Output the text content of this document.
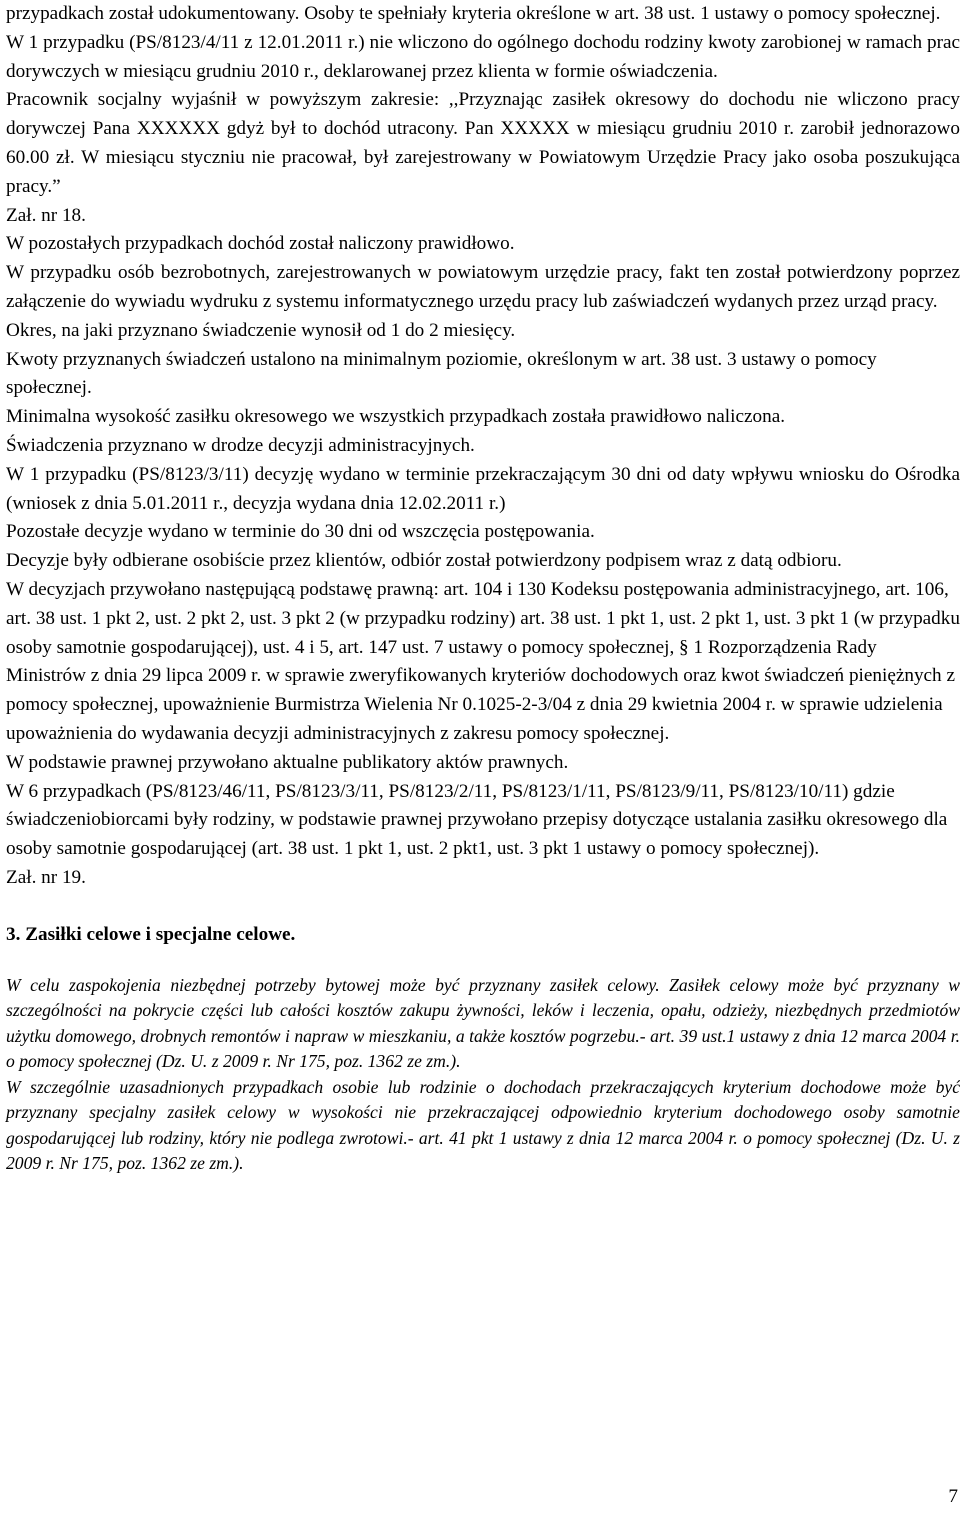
przypadkach został udokumentowany. Osoby te spełniały kryteria określone w art. 38 ust. 1 ustawy o pomocy społecznej.

W 1 przypadku (PS/8123/4/11 z 12.01.2011 r.) nie wliczono do ogólnego dochodu rodziny kwoty zarobionej w ramach prac dorywczych w miesiącu grudniu 2010 r., deklarowanej przez klienta w formie oświadczenia.

Pracownik socjalny wyjaśnił w powyższym zakresie: ,,Przyznając zasiłek okresowy do dochodu nie wliczono pracy dorywczej Pana XXXXXX gdyż był to dochód utracony. Pan XXXXX w miesiącu grudniu 2010 r. zarobił jednorazowo 60.00 zł. W miesiącu styczniu nie pracował, był zarejestrowany w Powiatowym Urzędzie Pracy jako osoba poszukująca pracy.”

Zał. nr 18.

W pozostałych przypadkach dochód został naliczony prawidłowo.

W przypadku osób bezrobotnych, zarejestrowanych w powiatowym urzędzie pracy, fakt ten został potwierdzony poprzez załączenie do wywiadu wydruku z systemu informatycznego urzędu pracy lub zaświadczeń wydanych przez urząd pracy.

Okres, na jaki przyznano świadczenie wynosił od 1 do 2 miesięcy.

Kwoty przyznanych świadczeń ustalono na minimalnym poziomie, określonym w art. 38 ust. 3 ustawy o pomocy społecznej.

Minimalna wysokość zasiłku okresowego we wszystkich przypadkach została prawidłowo naliczona.

Świadczenia przyznano w drodze decyzji administracyjnych.

W 1 przypadku (PS/8123/3/11) decyzję wydano w terminie przekraczającym 30 dni od daty wpływu wniosku do Ośrodka (wniosek z dnia 5.01.2011 r., decyzja wydana dnia 12.02.2011 r.)

Pozostałe decyzje wydano w terminie do 30 dni od wszczęcia postępowania.

Decyzje były odbierane osobiście przez klientów, odbiór został potwierdzony podpisem wraz z datą odbioru.

W decyzjach przywołano następującą podstawę prawną: art. 104 i 130 Kodeksu postępowania administracyjnego, art. 106, art. 38 ust. 1 pkt 2, ust. 2 pkt 2, ust. 3 pkt 2 (w przypadku rodziny) art. 38 ust. 1 pkt 1, ust. 2 pkt 1, ust. 3 pkt 1 (w przypadku osoby samotnie gospodarującej), ust. 4 i 5, art. 147 ust. 7 ustawy o pomocy społecznej, § 1 Rozporządzenia Rady Ministrów z dnia 29 lipca 2009 r. w sprawie zweryfikowanych kryteriów dochodowych oraz kwot świadczeń pieniężnych z pomocy społecznej, upoważnienie Burmistrza Wielenia Nr 0.1025-2-3/04 z dnia 29 kwietnia 2004 r. w sprawie udzielenia upoważnienia do wydawania decyzji administracyjnych z zakresu pomocy społecznej.

W podstawie prawnej przywołano aktualne publikatory aktów prawnych.

W 6 przypadkach (PS/8123/46/11, PS/8123/3/11, PS/8123/2/11, PS/8123/1/11, PS/8123/9/11, PS/8123/10/11) gdzie świadczeniobiorcami były rodziny, w podstawie prawnej przywołano przepisy dotyczące ustalania zasiłku okresowego dla osoby samotnie gospodarującej (art. 38 ust. 1 pkt 1, ust. 2 pkt1, ust. 3 pkt 1 ustawy o pomocy społecznej).

Zał. nr 19.

3. Zasiłki celowe i specjalne celowe.

W celu zaspokojenia niezbędnej potrzeby bytowej może być przyznany zasiłek celowy. Zasiłek celowy może być przyznany w szczególności na pokrycie części lub całości kosztów zakupu żywności, leków i leczenia, opału, odzieży, niezbędnych przedmiotów użytku domowego, drobnych remontów i napraw w mieszkaniu, a także kosztów pogrzebu.- art. 39 ust.1 ustawy z dnia 12 marca 2004 r. o pomocy społecznej (Dz. U. z 2009 r. Nr 175, poz. 1362 ze zm.).

W szczególnie uzasadnionych przypadkach osobie lub rodzinie o dochodach przekraczających kryterium dochodowe może być przyznany specjalny zasiłek celowy w wysokości nie przekraczającej odpowiednio kryterium dochodowego osoby samotnie gospodarującej lub rodziny, który nie podlega zwrotowi.- art. 41 pkt 1 ustawy z dnia 12 marca 2004 r. o pomocy społecznej (Dz. U. z 2009 r. Nr 175, poz. 1362 ze zm.).

7
